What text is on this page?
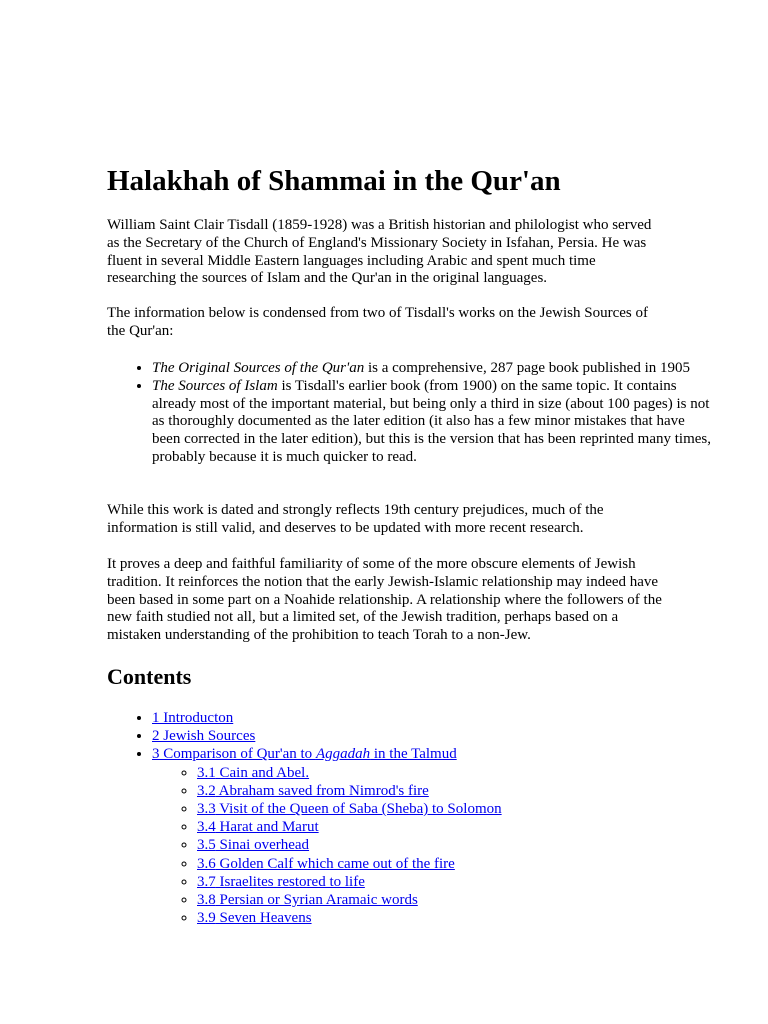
Halakhah of Shammai in the Qur'an

William Saint Clair Tisdall (1859-1928) was a British historian and philologist who served as the Secretary of the Church of England's Missionary Society in Isfahan, Persia. He was fluent in several Middle Eastern languages including Arabic and spent much time researching the sources of Islam and the Qur'an in the original languages.

The information below is condensed from two of Tisdall's works on the Jewish Sources of the Qur'an:

• The Original Sources of the Qur'an is a comprehensive, 287 page book published in 1905
• The Sources of Islam is Tisdall's earlier book (from 1900) on the same topic. It contains already most of the important material, but being only a third in size (about 100 pages) is not as thoroughly documented as the later edition (it also has a few minor mistakes that have been corrected in the later edition), but this is the version that has been reprinted many times, probably because it is much quicker to read.

While this work is dated and strongly reflects 19th century prejudices, much of the information is still valid, and deserves to be updated with more recent research.

It proves a deep and faithful familiarity of some of the more obscure elements of Jewish tradition. It reinforces the notion that the early Jewish-Islamic relationship may indeed have been based in some part on a Noahide relationship. A relationship where the followers of the new faith studied not all, but a limited set, of the Jewish tradition, perhaps based on a mistaken understanding of the prohibition to teach Torah to a non-Jew.

Contents
• 1 Introducton
• 2 Jewish Sources
• 3 Comparison of Qur'an to Aggadah in the Talmud
◦ 3.1 Cain and Abel.
◦ 3.2 Abraham saved from Nimrod's fire
◦ 3.3 Visit of the Queen of Saba (Sheba) to Solomon
◦ 3.4 Harat and Marut
◦ 3.5 Sinai overhead
◦ 3.6 Golden Calf which came out of the fire
◦ 3.7 Israelites restored to life
◦ 3.8 Persian or Syrian Aramaic words
◦ 3.9 Seven Heavens
